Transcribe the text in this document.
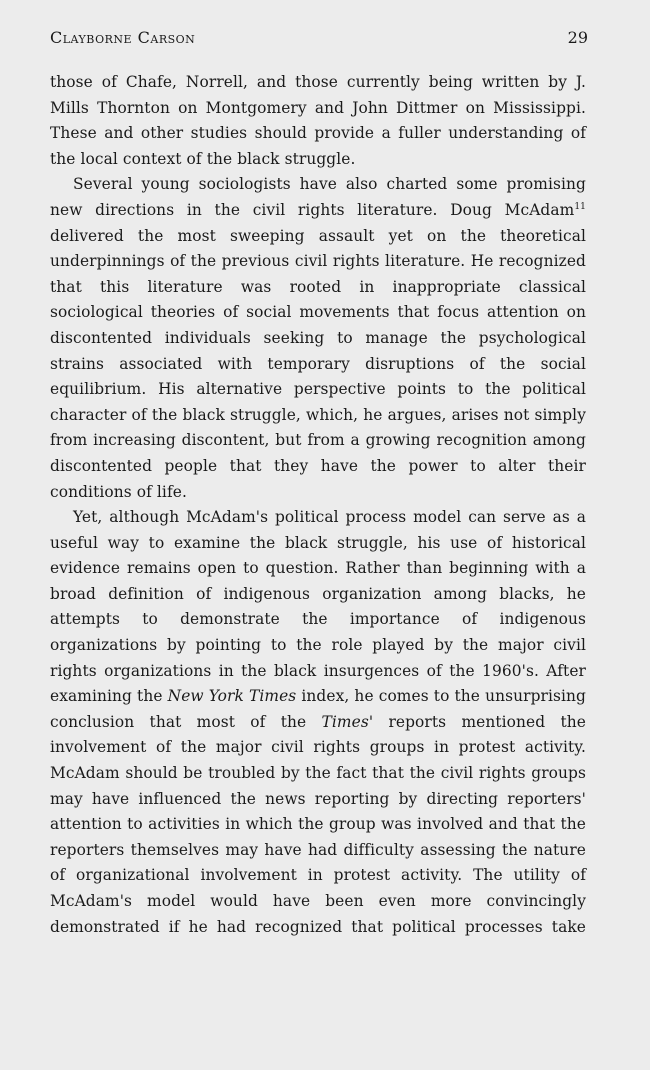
Clayborne Carson	29

those of Chafe, Norrell, and those currently being written by J. Mills Thornton on Montgomery and John Dittmer on Mississippi. These and other studies should provide a fuller understanding of the local context of the black struggle.

Several young sociologists have also charted some promising new directions in the civil rights literature. Doug McAdam$^{11}$ delivered the most sweeping assault yet on the theoretical underpinnings of the previous civil rights literature. He recognized that this literature was rooted in inappropriate classical sociological theories of social movements that focus attention on discontented individuals seeking to manage the psychological strains associated with temporary disruptions of the social equilibrium. His alternative perspective points to the political character of the black struggle, which, he argues, arises not simply from increasing discontent, but from a growing recognition among discontented people that they have the power to alter their conditions of life.

Yet, although McAdam's political process model can serve as a useful way to examine the black struggle, his use of historical evidence remains open to question. Rather than beginning with a broad definition of indigenous organization among blacks, he attempts to demonstrate the importance of indigenous organizations by pointing to the role played by the major civil rights organizations in the black insurgences of the 1960's. After examining the New York Times index, he comes to the unsurprising conclusion that most of the Times' reports mentioned the involvement of the major civil rights groups in protest activity. McAdam should be troubled by the fact that the civil rights groups may have influenced the news reporting by directing reporters' attention to activities in which the group was involved and that the reporters themselves may have had difficulty assessing the nature of organizational involvement in protest activity. The utility of McAdam's model would have been even more convincingly demonstrated if he had recognized that political processes take
